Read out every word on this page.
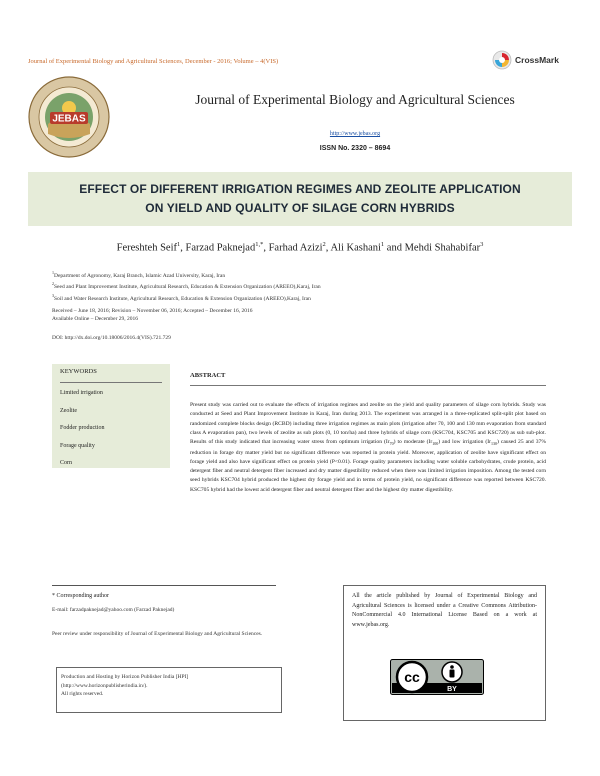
Journal of Experimental Biology and Agricultural Sciences, December - 2016; Volume – 4(VIS)	CrossMark
JEBAS
Journal of Experimental Biology and Agricultural Sciences
http://www.jebas.org
ISSN No. 2320 – 8694
EFFECT OF DIFFERENT IRRIGATION REGIMES AND ZEOLITE APPLICATION
ON YIELD AND QUALITY OF SILAGE CORN HYBRIDS
Fereshteh Seif$^1$, Farzad Paknejad$^{1,*}$, Farhad Azizi$^2$, Ali Kashani$^1$ and Mehdi Shahabifar$^3$
$^1$Department of Agronomy, Karaj Branch, Islamic Azad University, Karaj, Iran
$^2$Seed and Plant Improvement Institute, Agricultural Research, Education & Extension Organization (AREEO),Karaj, Iran
$^3$Soil and Water Research Institute, Agricultural Research, Education & Extension Organization (AREEO),Karaj, Iran
Received – June 18, 2016; Revision – November 06, 2016; Accepted – December 16, 2016
Available Online – December 29, 2016
DOI: http://dx.doi.org/10.18006/2016.4(VIS).721.729
KEYWORDS
Limited irrigation
Zeolite
Fodder production
Forage quality
Corn
ABSTRACT
Present study was carried out to evaluate the effects of irrigation regimes and zeolite on the yield and quality parameters of silage corn hybrids. Study was conducted at Seed and Plant Improvement Institute in Karaj, Iran during 2013. The experiment was arranged in a three-replicated split-split plot based on randomized complete blocks design (RCBD) including three irrigation regimes as main plots (irrigation after 70, 100 and 130 mm evaporation from standard class A evaporation pan), two levels of zeolite as sub plots (0, 10 ton/ha) and three hybrids of silage corn (KSC704, KSC705 and KSC720) as sub sub-plot. Results of this study indicated that increasing water stress from optimum irrigation $(Ir_{70})$ to moderate $(Ir_{100})$ and low irrigation $(Ir_{130})$ caused 25 and 37% reduction in forage dry matter yield but no significant difference was reported in protein yield. Moreover, application of zeolite have significant effect on forage yield and also have significant effect on protein yield (P<0.01). Forage quality parameters including water soluble carbohydrates, crude protein, acid detergent fiber and neutral detergent fiber increased and dry matter digestibility reduced when there was limited irrigation imposition. Among the tested corn seed hybrids KSC704 hybrid produced the highest dry forage yield and in terms of protein yield, no significant difference was reported between KSC720. KSC705 hybrid had the lowest acid detergent fiber and neutral detergent fiber and the highest dry matter digestibility.
* Corresponding author
E-mail: farzadpaknejad@yahoo.com (Farzad Paknejad)
Peer review under responsibility of Journal of Experimental Biology and Agricultural Sciences.
Production and Hosting by Horizon Publisher India [HPI]
(http://www.horizonpublisherindia.in/).
All rights reserved.
All the article published by Journal of Experimental Biology and Agricultural Sciences is licensed under a Creative Commons Attribution-NonCommercial 4.0 International License Based on a work at www.jebas.org.
cc
BY
